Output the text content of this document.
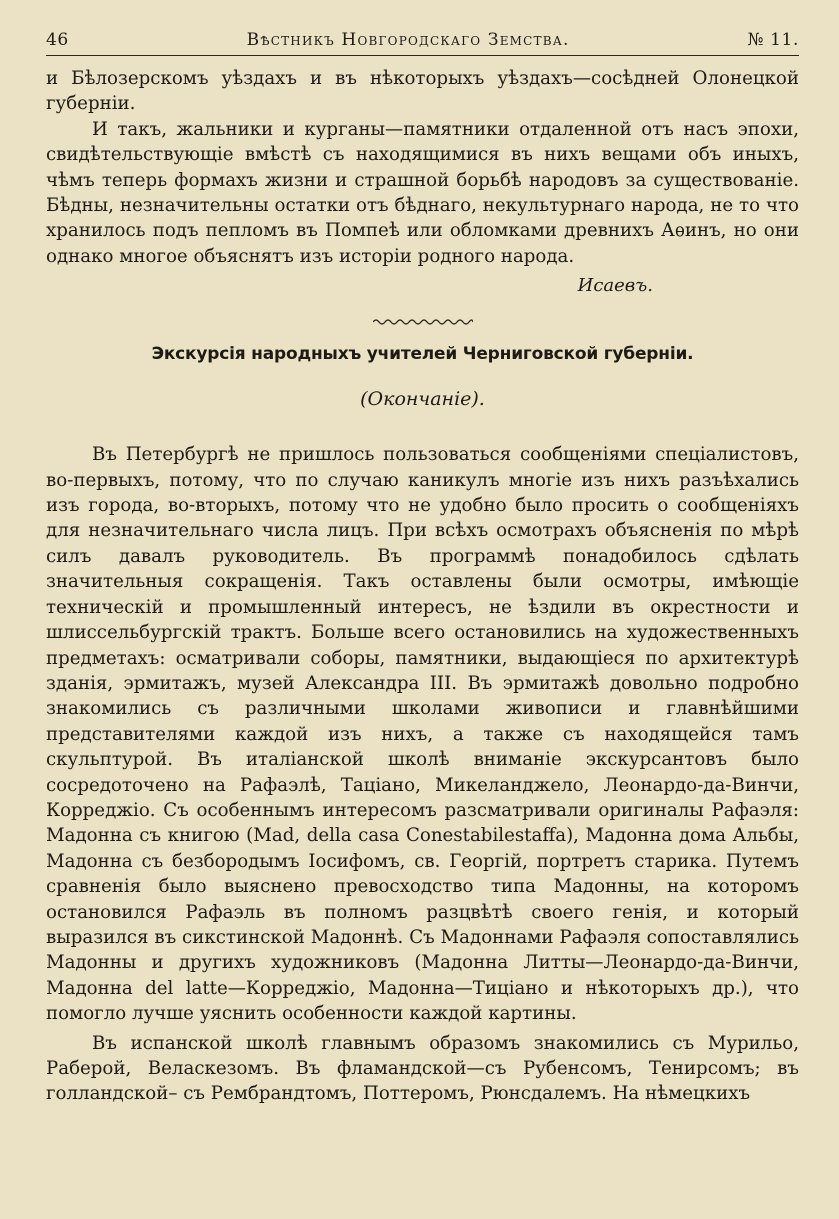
46	Вѣстникъ Новгородскаго Земства.	№ 11.

и Бѣлозерскомъ уѣздахъ и въ нѣкоторыхъ уѣздахъ—сосѣдней Олонецкой губерніи.

И такъ, жальники и курганы—памятники отдаленной отъ насъ эпохи, свидѣтельствующіе вмѣстѣ съ находящимися въ нихъ вещами объ иныхъ, чѣмъ теперь формахъ жизни и страшной борьбѣ народовъ за существованіе. Бѣдны, незначительны остатки отъ бѣднаго, некультурнаго народа, не то что хранилось подъ пепломъ въ Помпеѣ или обломками древнихъ Аѳинъ, но они однако многое объяснятъ изъ исторіи родного народа.

Исаевъ.
Экскурсія народныхъ учителей Черниговской губерніи.
(Окончаніе).

Въ Петербургѣ не пришлось пользоваться сообщеніями спеціалистовъ, во-первыхъ, потому, что по случаю каникулъ многіе изъ нихъ разъѣхались изъ города, во-вторыхъ, потому что не удобно было просить о сообщеніяхъ для незначительнаго числа лицъ. При всѣхъ осмотрахъ объясненія по мѣрѣ силъ давалъ руководитель. Въ программѣ понадобилось сдѣлать значительныя сокращенія. Такъ оставлены были осмотры, имѣющіе техническій и промышленный интересъ, не ѣздили въ окрестности и шлиссельбургскій трактъ. Больше всего остановились на художественныхъ предметахъ: осматривали соборы, памятники, выдающіеся по архитектурѣ зданія, эрмитажъ, музей Александра III. Въ эрмитажѣ довольно подробно знакомились съ различными школами живописи и главнѣйшими представителями каждой изъ нихъ, а также съ находящейся тамъ скульптурой. Въ италіанской школѣ вниманіе экскурсантовъ было сосредоточено на Рафаэлѣ, Таціано, Микеланджело, Леонардо-да-Винчи, Корреджіо. Съ особеннымъ интересомъ разсматривали оригиналы Рафаэля: Мадонна съ книгою (Mad, della casa Conestabilestaffa), Мадонна дома Альбы, Мадонна съ безбородымъ Іосифомъ, св. Георгій, портретъ старика. Путемъ сравненія было выяснено превосходство типа Мадонны, на которомъ остановился Рафаэль въ полномъ разцвѣтѣ своего генія, и который выразился въ сикстинской Мадоннѣ. Съ Мадоннами Рафаэля сопоставлялись Мадонны и другихъ художниковъ (Мадонна Литты—Леонардо-да-Винчи, Мадонна del latte—Корреджіо, Мадонна—Тиціано и нѣкоторыхъ др.), что помогло лучше уяснить особенности каждой картины.

Въ испанской школѣ главнымъ образомъ знакомились съ Мурильо, Раберой, Веласкезомъ. Въ фламандской—съ Рубенсомъ, Тенирсомъ; въ голландской– съ Рембрандтомъ, Поттеромъ, Рюнсдалемъ. На нѣмецкихъ
